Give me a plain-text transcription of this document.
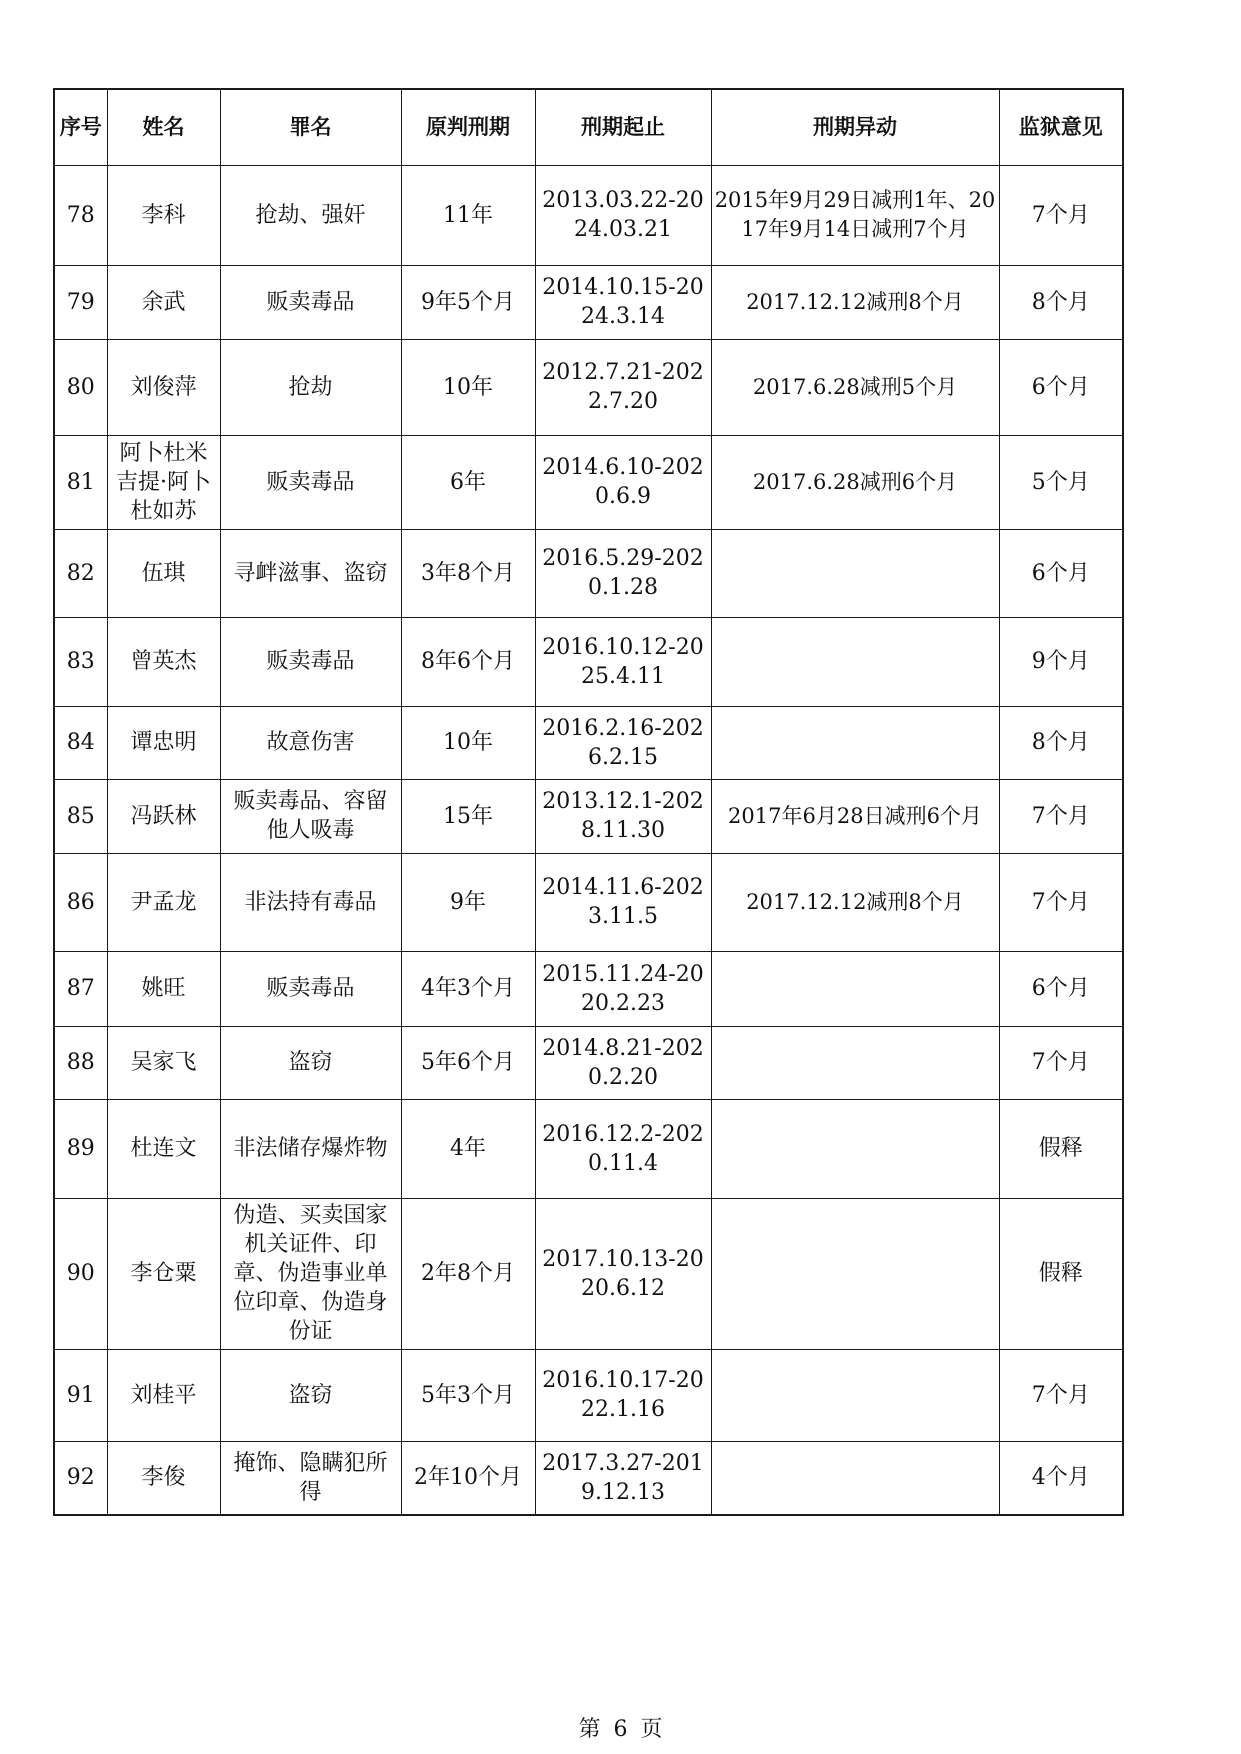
序号	姓名	罪名	原判刑期	刑期起止	刑期异动	监狱意见
78	李科	抢劫、强奸	11年	2013.03.22-2024.03.21	2015年9月29日减刑1年、2017年9月14日减刑7个月	7个月
79	余武	贩卖毒品	9年5个月	2014.10.15-2024.3.14	2017.12.12减刑8个月	8个月
80	刘俊萍	抢劫	10年	2012.7.21-2022.7.20	2017.6.28减刑5个月	6个月
81	阿卜杜米吉提·阿卜杜如苏	贩卖毒品	6年	2014.6.10-2020.6.9	2017.6.28减刑6个月	5个月
82	伍琪	寻衅滋事、盗窃	3年8个月	2016.5.29-2020.1.28		6个月
83	曾英杰	贩卖毒品	8年6个月	2016.10.12-2025.4.11		9个月
84	谭忠明	故意伤害	10年	2016.2.16-2026.2.15		8个月
85	冯跃林	贩卖毒品、容留他人吸毒	15年	2013.12.1-2028.11.30	2017年6月28日减刑6个月	7个月
86	尹孟龙	非法持有毒品	9年	2014.11.6-2023.11.5	2017.12.12减刑8个月	7个月
87	姚旺	贩卖毒品	4年3个月	2015.11.24-2020.2.23		6个月
88	吴家飞	盗窃	5年6个月	2014.8.21-2020.2.20		7个月
89	杜连文	非法储存爆炸物	4年	2016.12.2-2020.11.4		假释
90	李仓粟	伪造、买卖国家机关证件、印章、伪造事业单位印章、伪造身份证	2年8个月	2017.10.13-2020.6.12		假释
91	刘桂平	盗窃	5年3个月	2016.10.17-2022.1.16		7个月
92	李俊	掩饰、隐瞒犯所得	2年10个月	2017.3.27-2019.12.13		4个月
第 6 页
